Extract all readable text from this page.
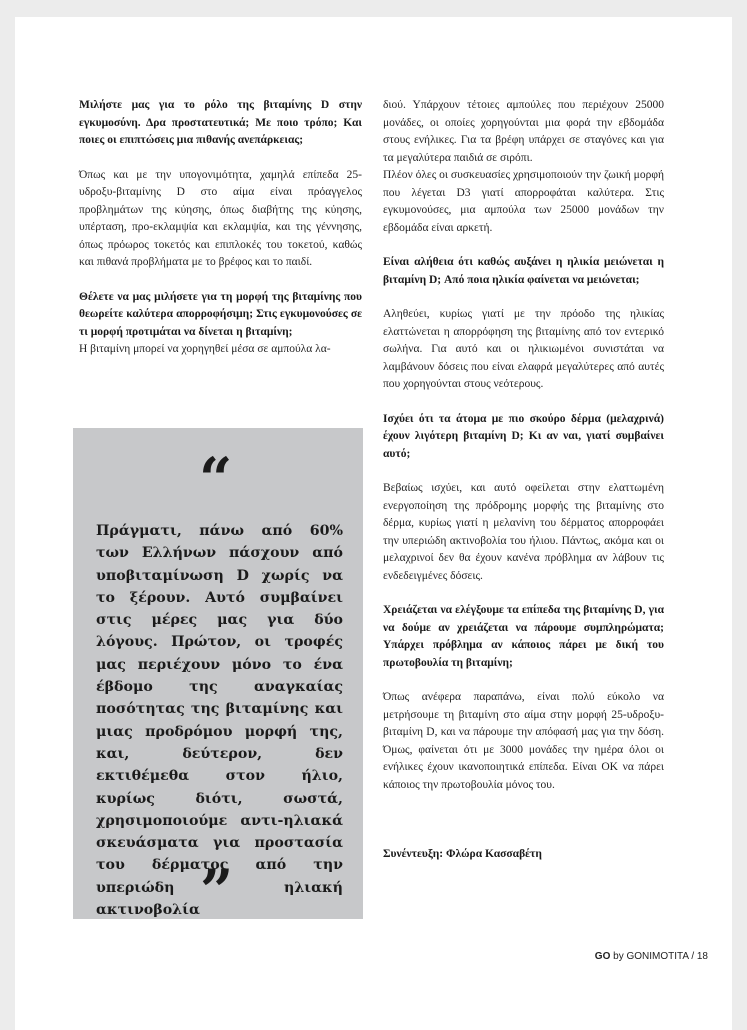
Μιλήστε μας για το ρόλο της βιταμίνης D στην εγκυμοσύνη. Δρα προστατευτικά; Με ποιο τρόπο; Και ποιες οι επιπτώσεις μια πιθανής ανεπάρκειας;

Όπως και με την υπογονιμότητα, χαμηλά επίπεδα 25-υδροξυ-βιταμίνης D στο αίμα είναι πρόαγγελος προβλημάτων της κύησης, όπως διαβήτης της κύησης, υπέρταση, προ-εκλαμψία και εκλαμψία, και της γέννησης, όπως πρόωρος τοκετός και επιπλοκές του τοκετού, καθώς και πιθανά προβλήματα με το βρέφος και το παιδί.

Θέλετε να μας μιλήσετε για τη μορφή της βιταμίνης που θεωρείτε καλύτερα απορροφήσιμη; Στις εγκυμονούσες σε τι μορφή προτιμάται να δίνεται η βιταμίνη;

Η βιταμίνη μπορεί να χορηγηθεί μέσα σε αμπούλα λα-

“
Πράγματι, πάνω από 60% των Ελλήνων πάσχουν από υποβιταμίνωση D χωρίς να το ξέρουν. Αυτό συμβαίνει στις μέρες μας για δύο λόγους. Πρώτον, οι τροφές μας περιέχουν μόνο το ένα έβδομο της αναγκαίας ποσότητας της βιταμίνης και μιας προδρόμου μορφή της, και, δεύτερον, δεν εκτιθέμεθα στον ήλιο, κυρίως διότι, σωστά, χρησιμοποιούμε αντι-ηλιακά σκευάσματα για προστασία του δέρματος από την υπεριώδη ηλιακή ακτινοβολία ”

διού. Υπάρχουν τέτοιες αμπούλες που περιέχουν 25000 μονάδες, οι οποίες χορηγούνται μια φορά την εβδομάδα στους ενήλικες. Για τα βρέφη υπάρχει σε σταγόνες και για τα μεγαλύτερα παιδιά σε σιρόπι.

Πλέον όλες οι συσκευασίες χρησιμοποιούν την ζωική μορφή που λέγεται D3 γιατί απορροφάται καλύτερα. Στις εγκυμονούσες, μια αμπούλα των 25000 μονάδων την εβδομάδα είναι αρκετή.

Είναι αλήθεια ότι καθώς αυξάνει η ηλικία μειώνεται η βιταμίνη D; Από ποια ηλικία φαίνεται να μειώνεται;

Αληθεύει, κυρίως γιατί με την πρόοδο της ηλικίας ελαττώνεται η απορρόφηση της βιταμίνης από τον εντερικό σωλήνα. Για αυτό και οι ηλικιωμένοι συνιστάται να λαμβάνουν δόσεις που είναι ελαφρά μεγαλύτερες από αυτές που χορηγούνται στους νεότερους.

Ισχύει ότι τα άτομα με πιο σκούρο δέρμα (μελαχρινά) έχουν λιγότερη βιταμίνη D; Κι αν ναι, γιατί συμβαίνει αυτό;

Βεβαίως ισχύει, και αυτό οφείλεται στην ελαττωμένη ενεργοποίηση της πρόδρομης μορφής της βιταμίνης στο δέρμα, κυρίως γιατί η μελανίνη του δέρματος απορροφάει την υπεριώδη ακτινοβολία του ήλιου. Πάντως, ακόμα και οι μελαχρινοί δεν θα έχουν κανένα πρόβλημα αν λάβουν τις ενδεδειγμένες δόσεις.

Χρειάζεται να ελέγξουμε τα επίπεδα της βιταμίνης D, για να δούμε αν χρειάζεται να πάρουμε συμπληρώματα; Υπάρχει πρόβλημα αν κάποιος πάρει με δική του πρωτοβουλία τη βιταμίνη;

Όπως ανέφερα παραπάνω, είναι πολύ εύκολο να μετρήσουμε τη βιταμίνη στο αίμα στην μορφή 25-υδροξυ-βιταμίνη D, και να πάρουμε την απόφασή μας για την δόση. Όμως, φαίνεται ότι με 3000 μονάδες την ημέρα όλοι οι ενήλικες έχουν ικανοποιητικά επίπεδα. Είναι OK να πάρει κάποιος την πρωτοβουλία μόνος του.

Συνέντευξη: Φλώρα Κασσαβέτη

GO by GONIMOTITA / 18
